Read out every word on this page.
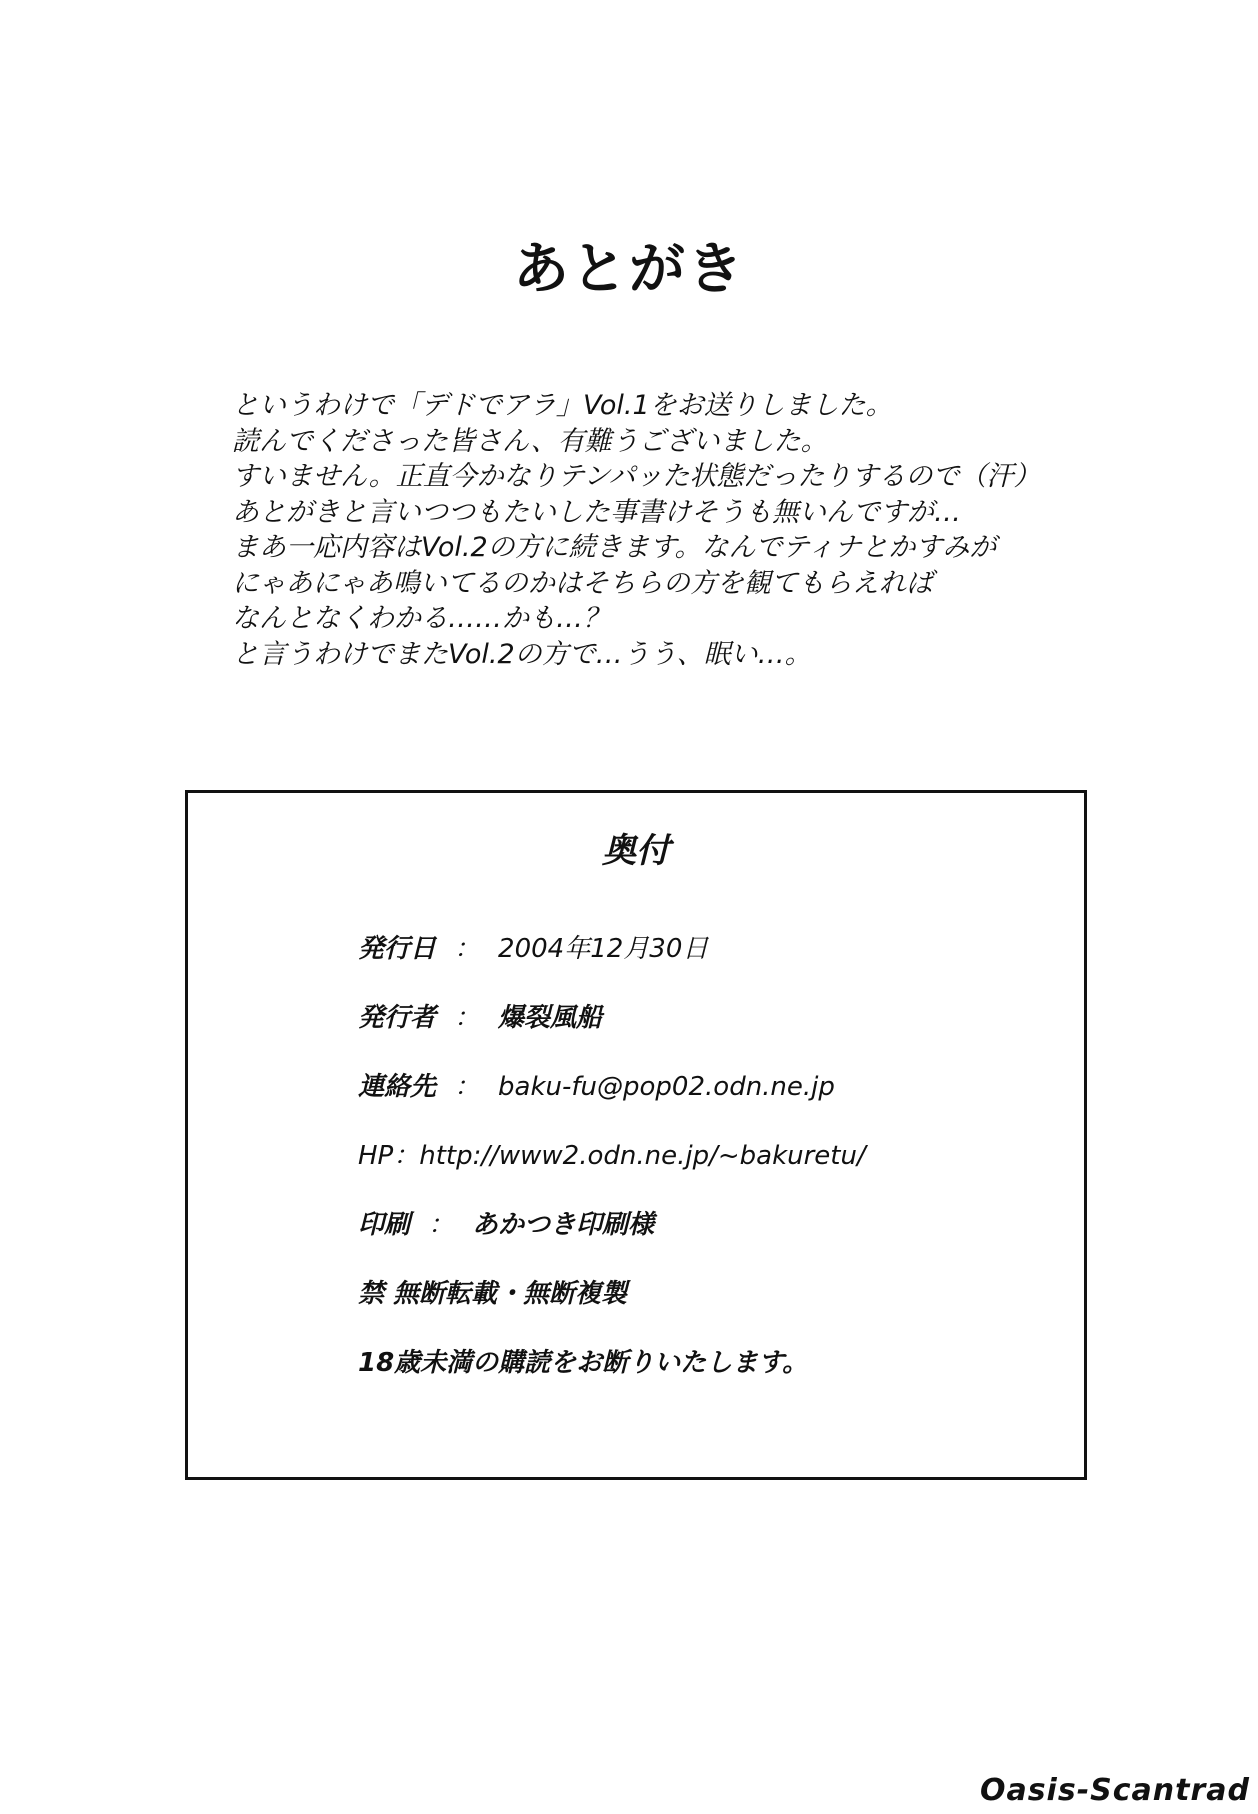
あとがき
というわけで「デドでアラ」Vol.1をお送りしました。
読んでくださった皆さん、有難うございました。
すいません。正直今かなりテンパッた状態だったりするので（汗）
あとがきと言いつつもたいした事書けそうも無いんですが…
まあ一応内容はVol.2の方に続きます。なんでティナとかすみが
にゃあにゃあ鳴いてるのかはそちらの方を観てもらえれば
なんとなくわかる……かも…？
と言うわけでまたVol.2の方で…うう、眠い…。
奥付
発行日 ： 2004年12月30日
発行者 ： 爆裂風船
連絡先 ： baku-fu@pop02.odn.ne.jp
HP：http://www2.odn.ne.jp/~bakuretu/
印刷 ： あかつき印刷様
禁 無断転載・無断複製
18歳未満の購読をお断りいたします。
Oasis-Scantrad
